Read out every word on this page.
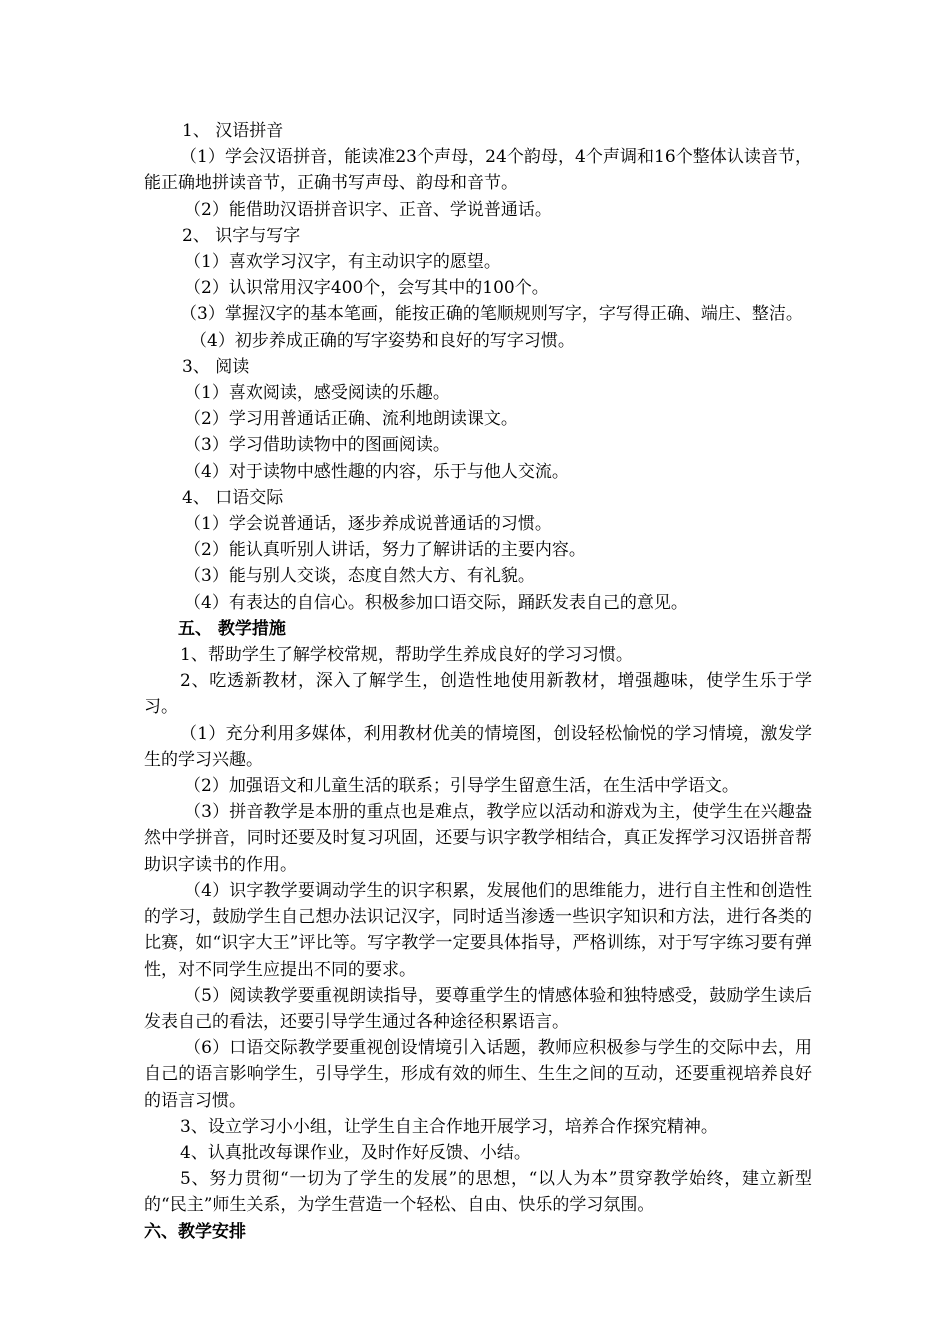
1、 汉语拼音

（1）学会汉语拼音，能读准23个声母，24个韵母，4个声调和16个整体认读音节，能正确地拼读音节，正确书写声母、韵母和音节。

（2）能借助汉语拼音识字、正音、学说普通话。

2、 识字与写字

（1）喜欢学习汉字，有主动识字的愿望。

（2）认识常用汉字400个，会写其中的100个。

（3）掌握汉字的基本笔画，能按正确的笔顺规则写字，字写得正确、端庄、整洁。

（4）初步养成正确的写字姿势和良好的写字习惯。

3、 阅读

（1）喜欢阅读，感受阅读的乐趣。

（2）学习用普通话正确、流利地朗读课文。

（3）学习借助读物中的图画阅读。

（4）对于读物中感性趣的内容，乐于与他人交流。

4、 口语交际

（1）学会说普通话，逐步养成说普通话的习惯。

（2）能认真听别人讲话，努力了解讲话的主要内容。

（3）能与别人交谈，态度自然大方、有礼貌。

（4）有表达的自信心。积极参加口语交际，踊跃发表自己的意见。

五、 教学措施

1、帮助学生了解学校常规，帮助学生养成良好的学习习惯。

2、吃透新教材，深入了解学生，创造性地使用新教材，增强趣味，使学生乐于学习。

（1）充分利用多媒体，利用教材优美的情境图，创设轻松愉悦的学习情境，激发学生的学习兴趣。

（2）加强语文和儿童生活的联系；引导学生留意生活，在生活中学语文。

（3）拼音教学是本册的重点也是难点，教学应以活动和游戏为主，使学生在兴趣盎然中学拼音，同时还要及时复习巩固，还要与识字教学相结合，真正发挥学习汉语拼音帮助识字读书的作用。

（4）识字教学要调动学生的识字积累，发展他们的思维能力，进行自主性和创造性的学习，鼓励学生自己想办法识记汉字，同时适当渗透一些识字知识和方法，进行各类的比赛，如“识字大王”评比等。写字教学一定要具体指导，严格训练，对于写字练习要有弹性，对不同学生应提出不同的要求。

（5）阅读教学要重视朗读指导，要尊重学生的情感体验和独特感受，鼓励学生读后发表自己的看法，还要引导学生通过各种途径积累语言。

（6）口语交际教学要重视创设情境引入话题，教师应积极参与学生的交际中去，用自己的语言影响学生，引导学生，形成有效的师生、生生之间的互动，还要重视培养良好的语言习惯。

3、设立学习小小组，让学生自主合作地开展学习，培养合作探究精神。

4、认真批改每课作业，及时作好反馈、小结。

5、努力贯彻“一切为了学生的发展”的思想，“以人为本”贯穿教学始终，建立新型的“民主”师生关系，为学生营造一个轻松、自由、快乐的学习氛围。

六、教学安排
